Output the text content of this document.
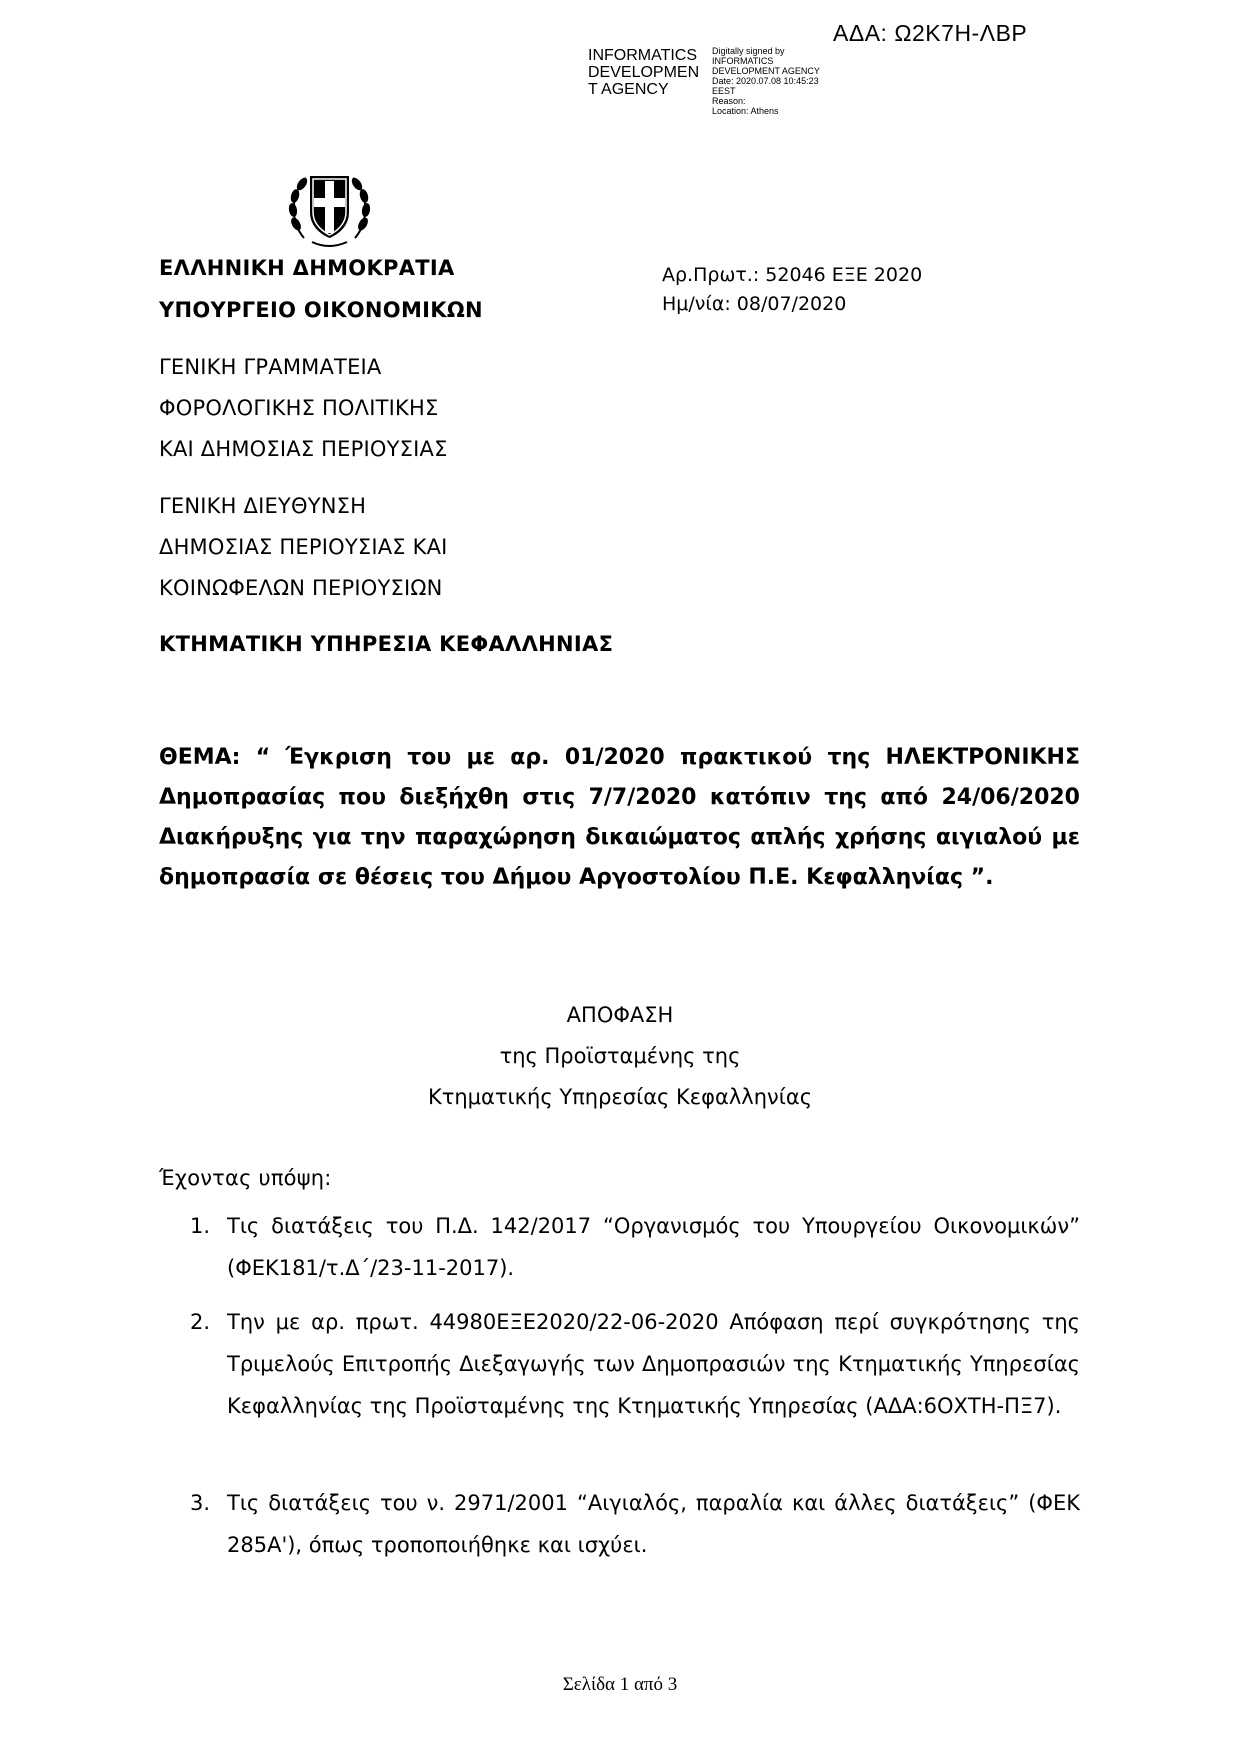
ΑΔΑ: Ω2Κ7Η-ΛΒΡ
INFORMATICS
DEVELOPMEN
T AGENCY
Digitally signed by
INFORMATICS
DEVELOPMENT AGENCY
Date: 2020.07.08 10:45:23
EEST
Reason:
Location: Athens
ΕΛΛΗΝΙΚΗ ΔΗΜΟΚΡΑΤΙΑ
ΥΠΟΥΡΓΕΙΟ ΟΙΚΟΝΟΜΙΚΩΝ
Αρ.Πρωτ.: 52046 ΕΞΕ 2020
Ημ/νία: 08/07/2020
ΓΕΝΙΚΗ ΓΡΑΜΜΑΤΕΙΑ
ΦΟΡΟΛΟΓΙΚΗΣ ΠΟΛΙΤΙΚΗΣ
ΚΑΙ ΔΗΜΟΣΙΑΣ ΠΕΡΙΟΥΣΙΑΣ
ΓΕΝΙΚΗ ΔΙΕΥΘΥΝΣΗ
ΔΗΜΟΣΙΑΣ ΠΕΡΙΟΥΣΙΑΣ ΚΑΙ
ΚΟΙΝΩΦΕΛΩΝ ΠΕΡΙΟΥΣΙΩΝ
ΚΤΗΜΑΤΙΚΗ ΥΠΗΡΕΣΙΑ ΚΕΦΑΛΛΗΝΙΑΣ
ΘΕΜΑ: “ Έγκριση του με αρ. 01/2020 πρακτικού της ΗΛΕΚΤΡΟΝΙΚΗΣ Δημοπρασίας που διεξήχθη στις 7/7/2020 κατόπιν της από 24/06/2020 Διακήρυξης για την παραχώρηση δικαιώματος απλής χρήσης αιγιαλού με δημοπρασία σε θέσεις του Δήμου Αργοστολίου Π.Ε. Κεφαλληνίας ”.
ΑΠΟΦΑΣΗ
της Προϊσταμένης της
Κτηματικής Υπηρεσίας Κεφαλληνίας
Έχοντας υπόψη:
1. Τις διατάξεις του Π.Δ. 142/2017 “Οργανισμός του Υπουργείου Οικονομικών” (ΦΕΚ181/τ.Δ΄/23-11-2017).
2. Την με αρ. πρωτ. 44980ΕΞΕ2020/22-06-2020 Απόφαση περί συγκρότησης της Τριμελούς Επιτροπής Διεξαγωγής των Δημοπρασιών της Κτηματικής Υπηρεσίας Κεφαλληνίας της Προϊσταμένης της Κτηματικής Υπηρεσίας (ΑΔΑ:6ΟΧΤΗ-ΠΞ7).
3. Τις διατάξεις του ν. 2971/2001 “Αιγιαλός, παραλία και άλλες διατάξεις” (ΦΕΚ 285Α'), όπως τροποποιήθηκε και ισχύει.
Σελίδα 1 από 3
